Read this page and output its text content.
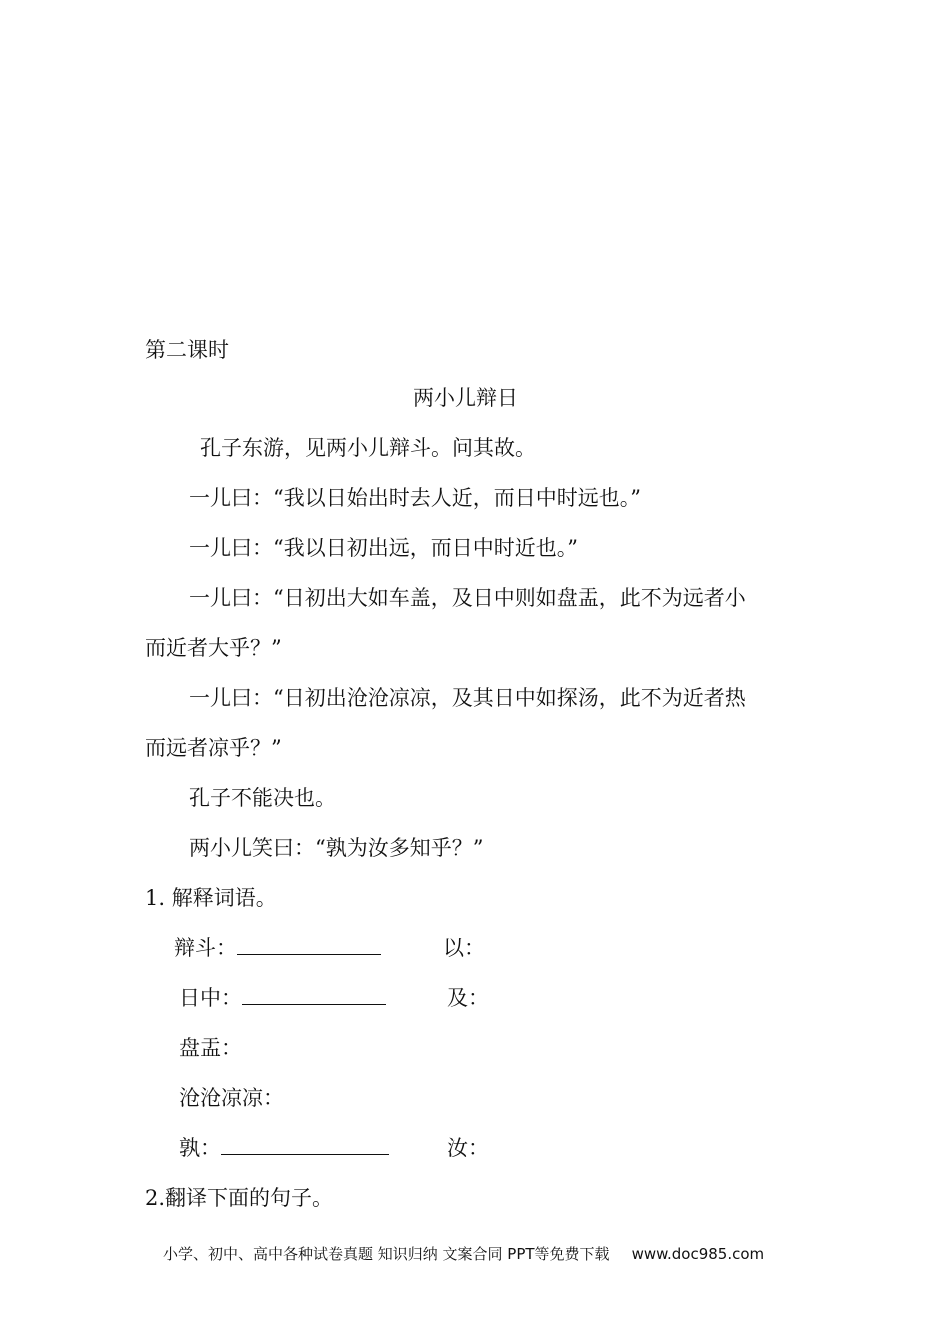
第二课时
两小儿辩日
孔子东游，见两小儿辩斗。问其故。
一儿曰：“我以日始出时去人近，而日中时远也。”
一儿曰：“我以日初出远，而日中时近也。”
一儿曰：“日初出大如车盖，及日中则如盘盂，此不为远者小
而近者大乎？”
一儿曰：“日初出沧沧凉凉，及其日中如探汤，此不为近者热
而远者凉乎？”
孔子不能决也。
两小儿笑曰：“孰为汝多知乎？”
1. 解释词语。
辩斗：	以：
日中：	及：
盘盂：
沧沧凉凉：
孰：	汝：
2.翻译下面的句子。
小学、初中、高中各种试卷真题 知识归纳 文案合同 PPT等免费下载 www.doc985.com
